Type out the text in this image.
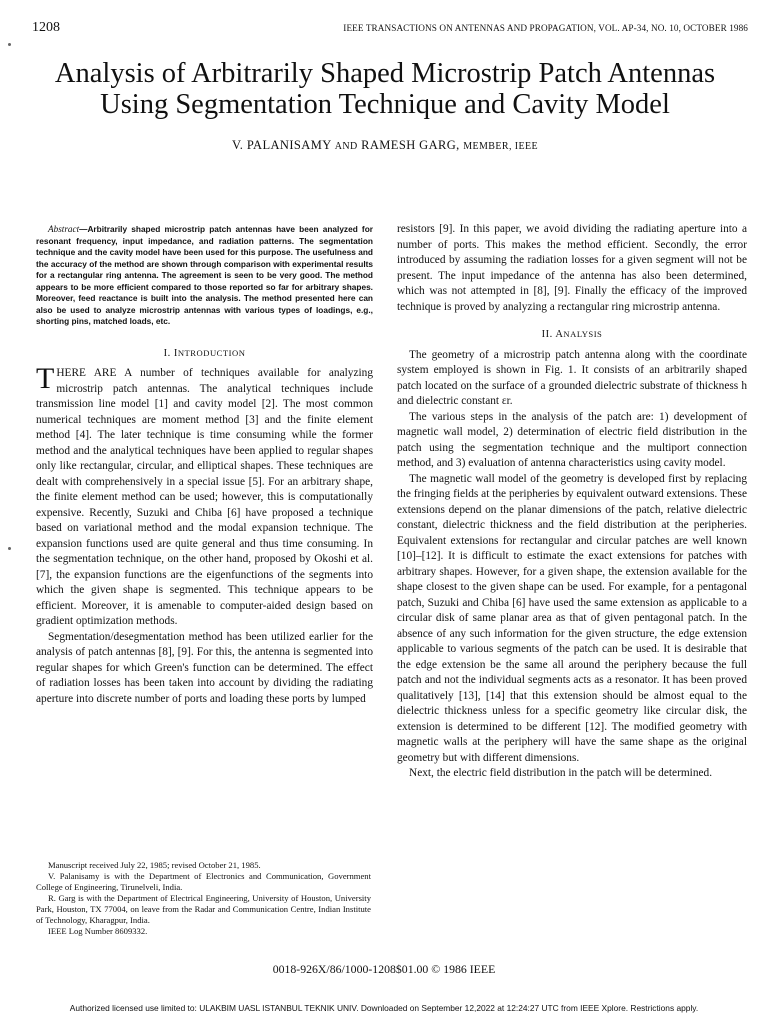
1208	IEEE TRANSACTIONS ON ANTENNAS AND PROPAGATION, VOL. AP-34, NO. 10, OCTOBER 1986
Analysis of Arbitrarily Shaped Microstrip Patch Antennas Using Segmentation Technique and Cavity Model
V. PALANISAMY AND RAMESH GARG, MEMBER, IEEE

Abstract—Arbitrarily shaped microstrip patch antennas have been analyzed for resonant frequency, input impedance, and radiation patterns. The segmentation technique and the cavity model have been used for this purpose. The usefulness and the accuracy of the method are shown through comparison with experimental results for a rectangular ring antenna. The agreement is seen to be very good. The method appears to be more efficient compared to those reported so far for arbitrary shapes. Moreover, feed reactance is built into the analysis. The method presented here can also be used to analyze microstrip antennas with various types of loadings, e.g., shorting pins, matched loads, etc.

I. INTRODUCTION

THERE ARE A number of techniques available for analyzing microstrip patch antennas. The analytical techniques include transmission line model [1] and cavity model [2]. The most common numerical techniques are moment method [3] and the finite element method [4]. The later technique is time consuming while the former method and the analytical techniques have been applied to regular shapes only like rectangular, circular, and elliptical shapes. These techniques are dealt with comprehensively in a special issue [5]. For an arbitrary shape, the finite element method can be used; however, this is computationally expensive. Recently, Suzuki and Chiba [6] have proposed a technique based on variational method and the modal expansion technique. The expansion functions used are quite general and thus time consuming. In the segmentation technique, on the other hand, proposed by Okoshi et al. [7], the expansion functions are the eigenfunctions of the segments into which the given shape is segmented. This technique appears to be efficient. Moreover, it is amenable to computer-aided design based on gradient optimization methods.

Segmentation/desegmentation method has been utilized earlier for the analysis of patch antennas [8], [9]. For this, the antenna is segmented into regular shapes for which Green's function can be determined. The effect of radiation losses has been taken into account by dividing the radiating aperture into discrete number of ports and loading these ports by lumped

Manuscript received July 22, 1985; revised October 21, 1985.

V. Palanisamy is with the Department of Electronics and Communication, Government College of Engineering, Tirunelveli, India.

R. Garg is with the Department of Electrical Engineering, University of Houston, University Park, Houston, TX 77004, on leave from the Radar and Communication Centre, Indian Institute of Technology, Kharagpur, India.

IEEE Log Number 8609332.

resistors [9]. In this paper, we avoid dividing the radiating aperture into a number of ports. This makes the method efficient. Secondly, the error introduced by assuming the radiation losses for a given segment will not be present. The input impedance of the antenna has also been determined, which was not attempted in [8], [9]. Finally the efficacy of the improved technique is proved by analyzing a rectangular ring microstrip antenna.

II. ANALYSIS

The geometry of a microstrip patch antenna along with the coordinate system employed is shown in Fig. 1. It consists of an arbitrarily shaped patch located on the surface of a grounded dielectric substrate of thickness h and dielectric constant εr.

The various steps in the analysis of the patch are: 1) development of magnetic wall model, 2) determination of electric field distribution in the patch using the segmentation technique and the multiport connection method, and 3) evaluation of antenna characteristics using cavity model.

The magnetic wall model of the geometry is developed first by replacing the fringing fields at the peripheries by equivalent outward extensions. These extensions depend on the planar dimensions of the patch, relative dielectric constant, dielectric thickness and the field distribution at the peripheries. Equivalent extensions for rectangular and circular patches are well known [10]–[12]. It is difficult to estimate the exact extensions for patches with arbitrary shapes. However, for a given shape, the extension available for the shape closest to the given shape can be used. For example, for a pentagonal patch, Suzuki and Chiba [6] have used the same extension as applicable to a circular disk of same planar area as that of given pentagonal patch. In the absence of any such information for the given structure, the edge extension applicable to various segments of the patch can be used. It is desirable that the edge extension be the same all around the periphery because the full patch and not the individual segments acts as a resonator. It has been proved qualitatively [13], [14] that this extension should be almost equal to the dielectric thickness unless for a specific geometry like circular disk, the extension is determined to be different [12]. The modified geometry with magnetic walls at the periphery will have the same shape as the original geometry but with different dimensions.

Next, the electric field distribution in the patch will be determined.

0018-926X/86/1000-1208$01.00 © 1986 IEEE
Authorized licensed use limited to: ULAKBIM UASL ISTANBUL TEKNIK UNIV. Downloaded on September 12,2022 at 12:24:27 UTC from IEEE Xplore. Restrictions apply.
